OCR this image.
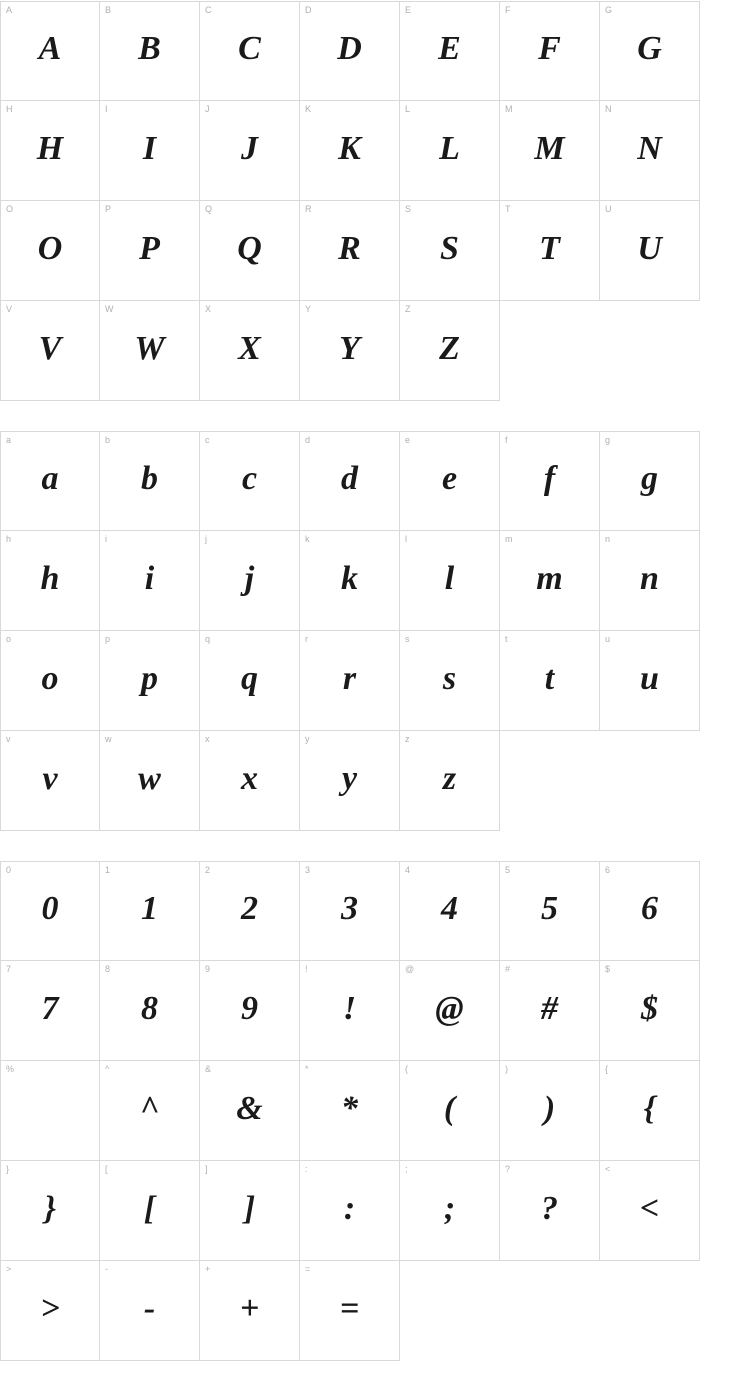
A
A
B
B
C
C
D
D
E
E
F
F
G
G
H
H
I
I
J
J
K
K
L
L
M
M
N
N
O
O
P
P
Q
Q
R
R
S
S
T
T
U
U
V
V
W
W
X
X
Y
Y
Z
Z
a
a
b
b
c
c
d
d
e
e
f
f
g
g
h
h
i
i
j
j
k
k
l
l
m
m
n
n
o
o
p
p
q
q
r
r
s
s
t
t
u
u
v
v
w
w
x
x
y
y
z
z
0
0
1
1
2
2
3
3
4
4
5
5
6
6
7
7
8
8
9
9
!
!
@
@
#
#
$
$
%	^
^
&
&
*
*
(
(
)
)
{
{
}
}
[
[
]
]
:
:
;
;
?
?
<
<
>
>
-
-
+
+
=
=
